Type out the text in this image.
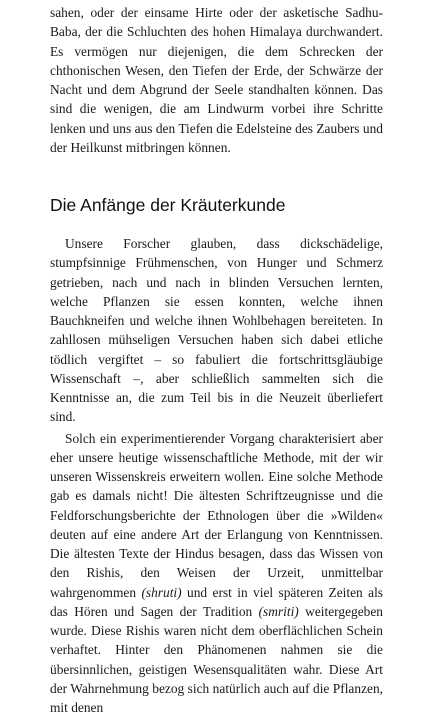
sahen, oder der einsame Hirte oder der asketische Sadhu-Baba, der die Schluchten des hohen Himalaya durchwandert. Es vermögen nur diejenigen, die dem Schrecken der chthonischen Wesen, den Tiefen der Erde, der Schwärze der Nacht und dem Abgrund der Seele standhalten können. Das sind die wenigen, die am Lindwurm vorbei ihre Schritte lenken und uns aus den Tiefen die Edelsteine des Zaubers und der Heilkunst mitbringen können.

Die Anfänge der Kräuterkunde

Unsere Forscher glauben, dass dickschädelige, stumpfsinnige Frühmenschen, von Hunger und Schmerz getrieben, nach und nach in blinden Versuchen lernten, welche Pflanzen sie essen konnten, welche ihnen Bauchkneifen und welche ihnen Wohlbehagen bereiteten. In zahllosen mühseligen Versuchen haben sich dabei etliche tödlich vergiftet – so fabuliert die fortschrittsgläubige Wissenschaft –, aber schließlich sammelten sich die Kenntnisse an, die zum Teil bis in die Neuzeit überliefert sind.

Solch ein experimentierender Vorgang charakterisiert aber eher unsere heutige wissenschaftliche Methode, mit der wir unseren Wissenskreis erweitern wollen. Eine solche Methode gab es damals nicht! Die ältesten Schriftzeugnisse und die Feldforschungsberichte der Ethnologen über die »Wilden« deuten auf eine andere Art der Erlangung von Kenntnissen. Die ältesten Texte der Hindus besagen, dass das Wissen von den Rishis, den Weisen der Urzeit, unmittelbar wahrgenommen (shruti) und erst in viel späteren Zeiten als das Hören und Sagen der Tradition (smriti) weitergegeben wurde. Diese Rishis waren nicht dem oberflächlichen Schein verhaftet. Hinter den Phänomenen nahmen sie die übersinnlichen, geistigen Wesensqualitäten wahr. Diese Art der Wahrnehmung bezog sich natürlich auch auf die Pflanzen, mit denen
